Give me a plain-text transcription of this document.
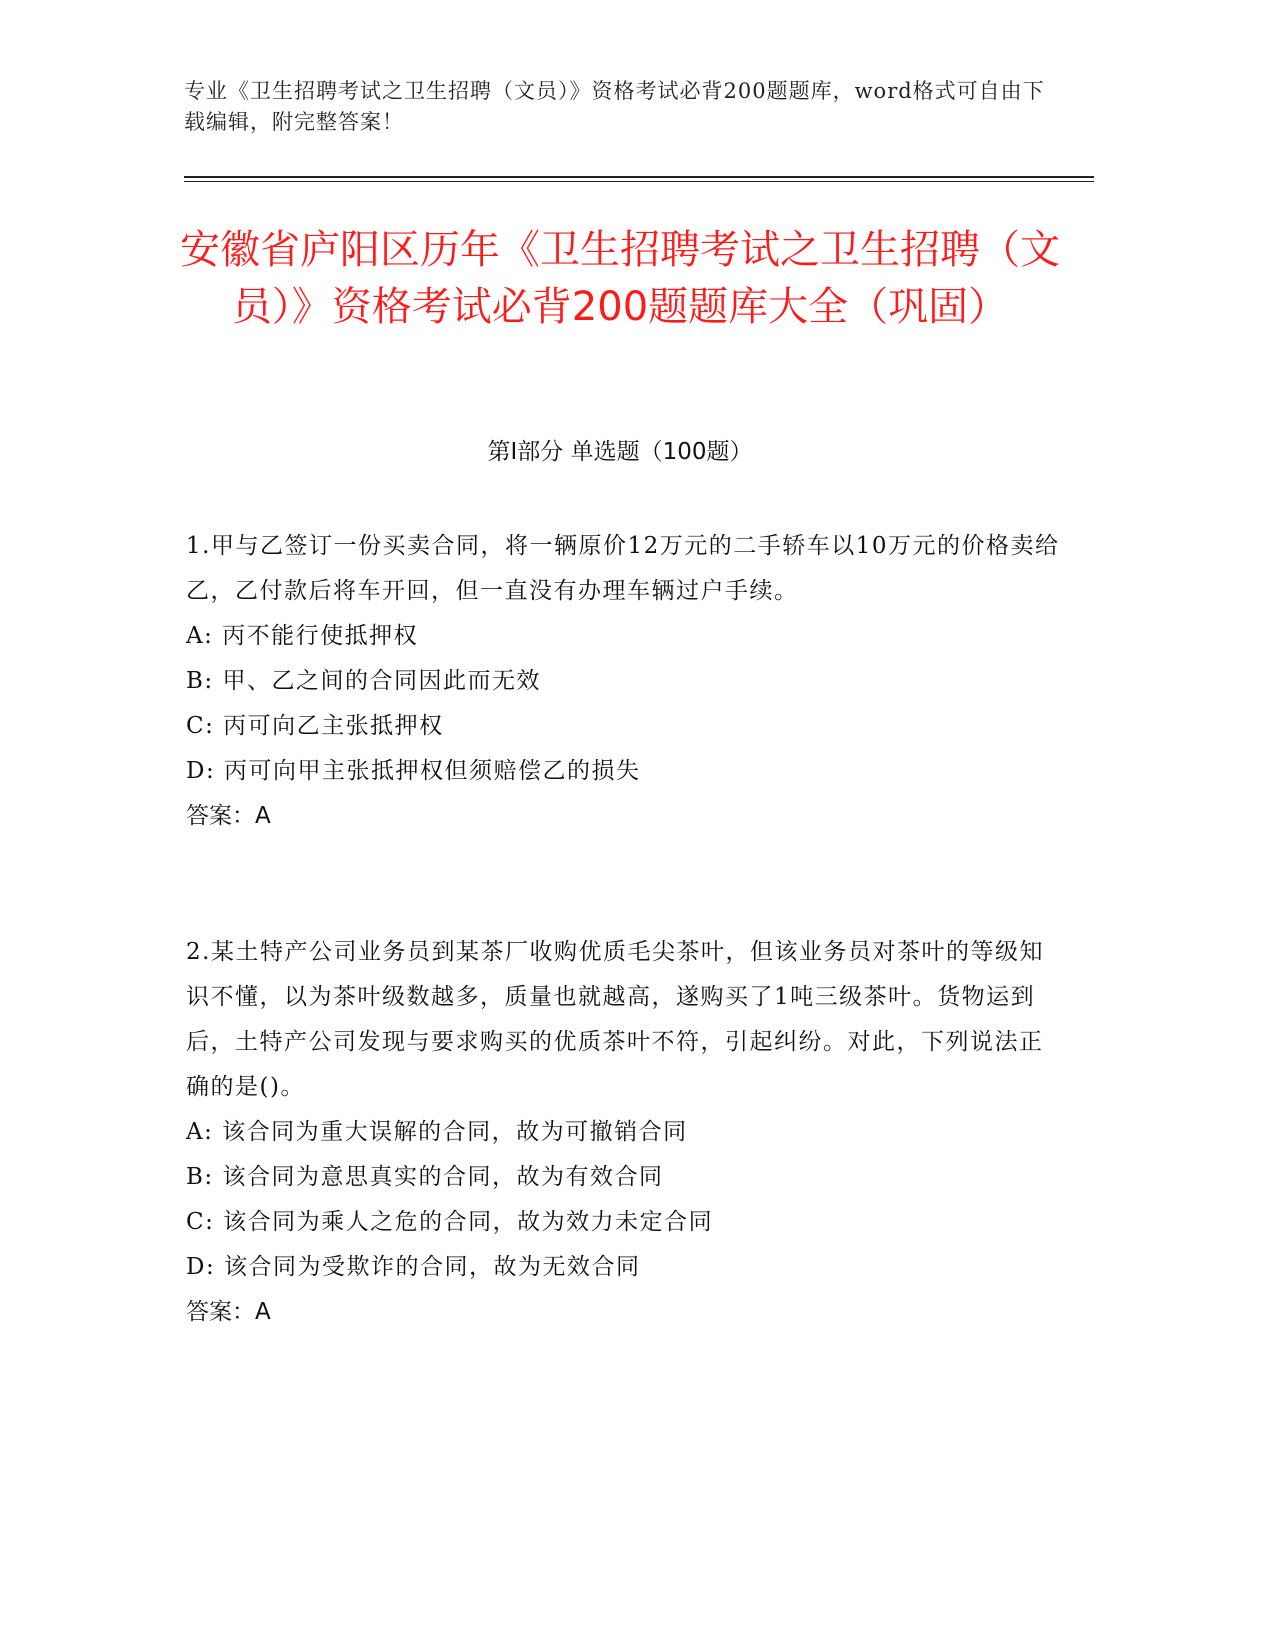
专业《卫生招聘考试之卫生招聘（文员）》资格考试必背200题题库，word格式可自由下载编辑，附完整答案！
安徽省庐阳区历年《卫生招聘考试之卫生招聘（文员）》资格考试必背200题题库大全（巩固）
第I部分 单选题（100题）

1.甲与乙签订一份买卖合同，将一辆原价12万元的二手轿车以10万元的价格卖给乙，乙付款后将车开回，但一直没有办理车辆过户手续。

A: 丙不能行使抵押权

B: 甲、乙之间的合同因此而无效

C: 丙可向乙主张抵押权

D: 丙可向甲主张抵押权但须赔偿乙的损失

答案：A

2.某土特产公司业务员到某茶厂收购优质毛尖茶叶，但该业务员对茶叶的等级知识不懂，以为茶叶级数越多，质量也就越高，遂购买了1吨三级茶叶。货物运到后，土特产公司发现与要求购买的优质茶叶不符，引起纠纷。对此，下列说法正确的是()。

A: 该合同为重大误解的合同，故为可撤销合同

B: 该合同为意思真实的合同，故为有效合同

C: 该合同为乘人之危的合同，故为效力未定合同

D: 该合同为受欺诈的合同，故为无效合同

答案：A
